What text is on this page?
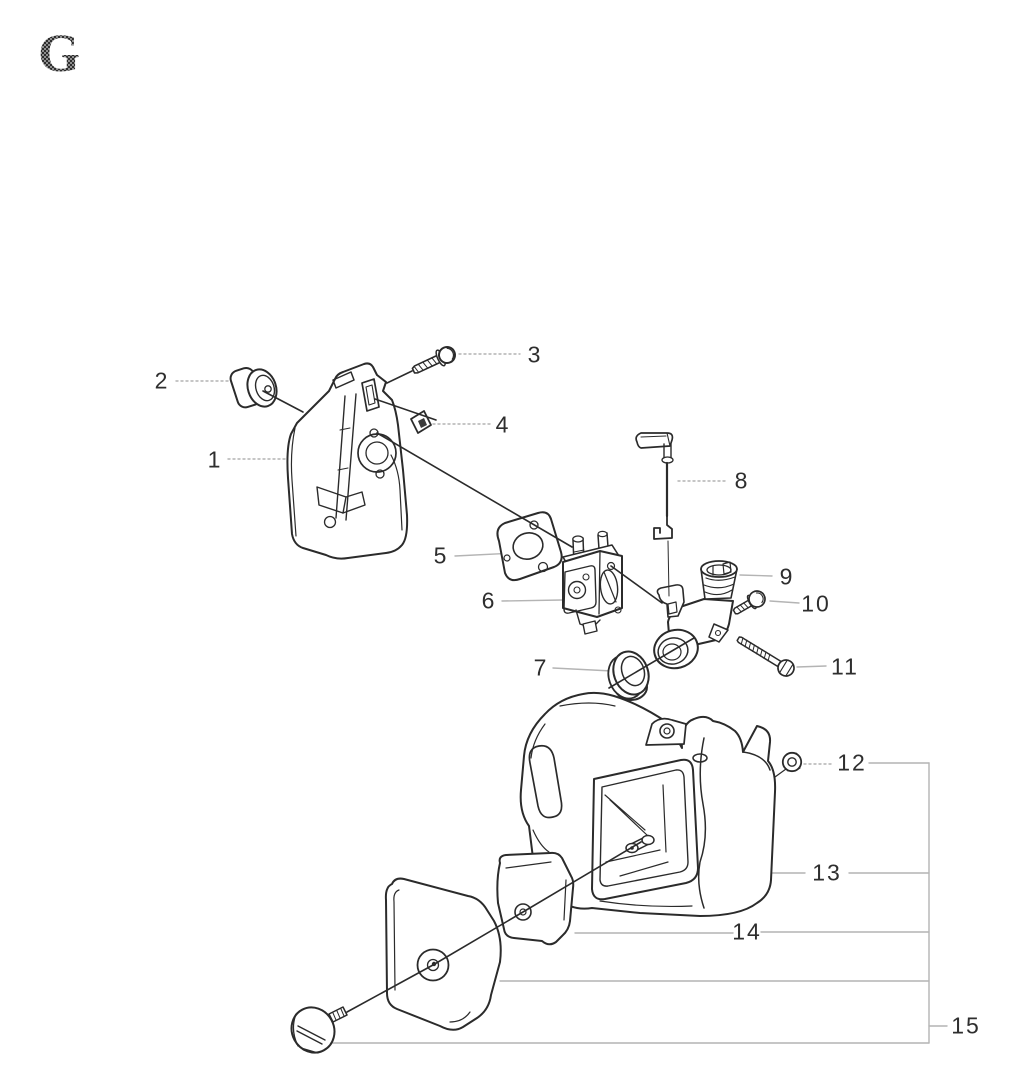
G
1
2
3
4
5
6
7
8
9
10
11
12
13
14
15
